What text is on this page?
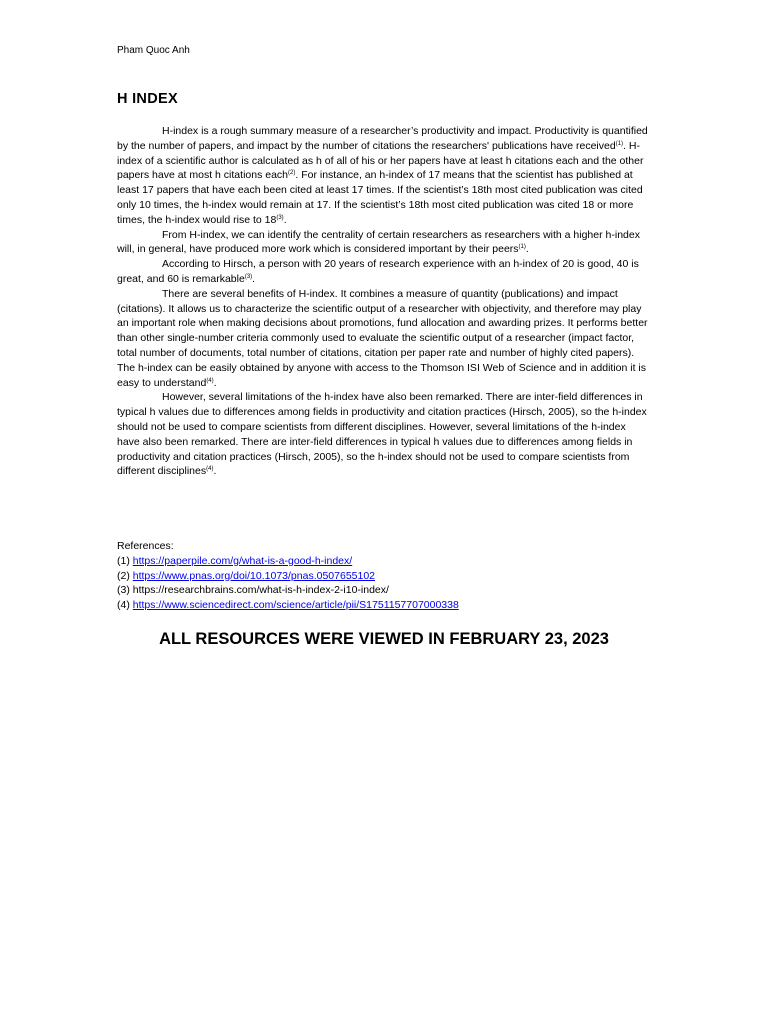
Pham Quoc Anh
H INDEX

H-index is a rough summary measure of a researcher’s productivity and impact. Productivity is quantified by the number of papers, and impact by the number of citations the researchers' publications have received$^{(1)}$. H-index of a scientific author is calculated as h of all of his or her papers have at least h citations each and the other papers have at most h citations each$^{(2)}$. For instance, an h-index of 17 means that the scientist has published at least 17 papers that have each been cited at least 17 times. If the scientist’s 18th most cited publication was cited only 10 times, the h-index would remain at 17. If the scientist’s 18th most cited publication was cited 18 or more times, the h-index would rise to 18$^{(3)}$.

From H-index, we can identify the centrality of certain researchers as researchers with a higher h-index will, in general, have produced more work which is considered important by their peers$^{(1)}$.

According to Hirsch, a person with 20 years of research experience with an h-index of 20 is good, 40 is great, and 60 is remarkable$^{(3)}$.

There are several benefits of H-index. It combines a measure of quantity (publications) and impact (citations). It allows us to characterize the scientific output of a researcher with objectivity, and therefore may play an important role when making decisions about promotions, fund allocation and awarding prizes. It performs better than other single-number criteria commonly used to evaluate the scientific output of a researcher (impact factor, total number of documents, total number of citations, citation per paper rate and number of highly cited papers). The h-index can be easily obtained by anyone with access to the Thomson ISI Web of Science and in addition it is easy to understand$^{(4)}$.

However, several limitations of the h-index have also been remarked. There are inter-field differences in typical h values due to differences among fields in productivity and citation practices (Hirsch, 2005), so the h-index should not be used to compare scientists from different disciplines. However, several limitations of the h-index have also been remarked. There are inter-field differences in typical h values due to differences among fields in productivity and citation practices (Hirsch, 2005), so the h-index should not be used to compare scientists from different disciplines$^{(4)}$.

References:
(1) https://paperpile.com/g/what-is-a-good-h-index/
(2) https://www.pnas.org/doi/10.1073/pnas.0507655102
(3) https://researchbrains.com/what-is-h-index-2-i10-index/
(4) https://www.sciencedirect.com/science/article/pii/S1751157707000338
ALL RESOURCES WERE VIEWED IN FEBRUARY 23, 2023
